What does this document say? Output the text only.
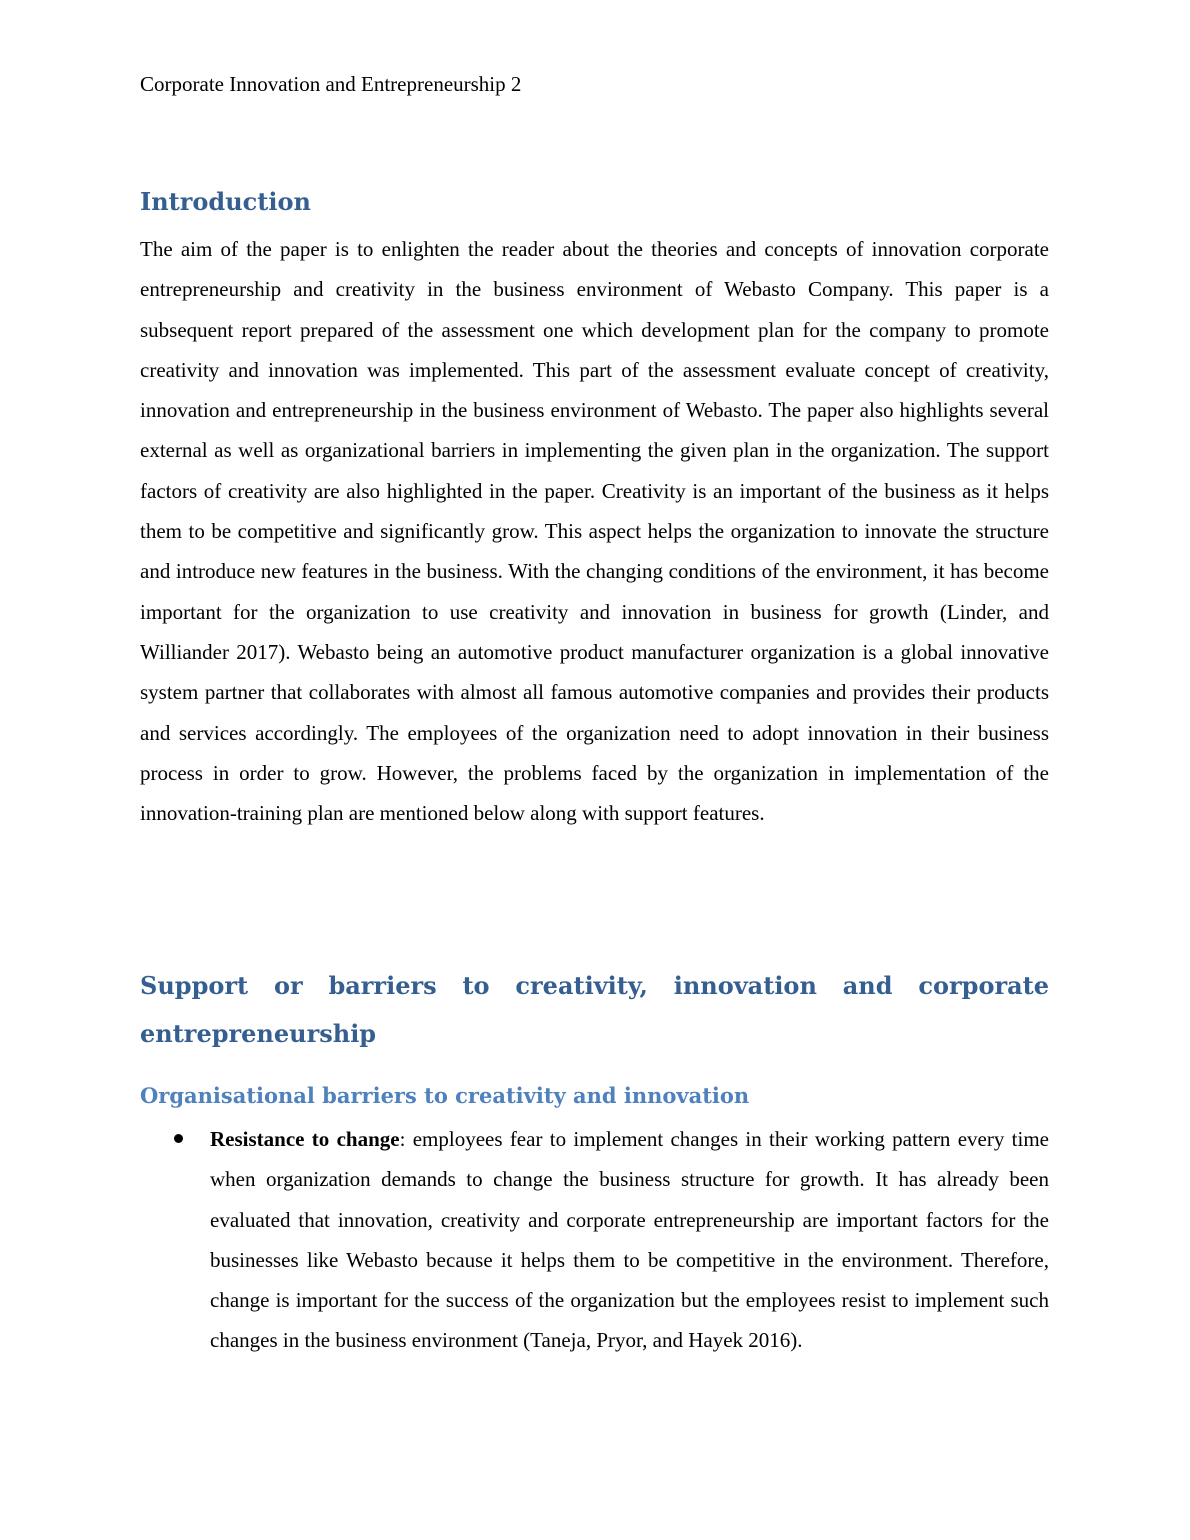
Corporate Innovation and Entrepreneurship 2
Introduction

The aim of the paper is to enlighten the reader about the theories and concepts of innovation corporate entrepreneurship and creativity in the business environment of Webasto Company. This paper is a subsequent report prepared of the assessment one which development plan for the company to promote creativity and innovation was implemented. This part of the assessment evaluate concept of creativity, innovation and entrepreneurship in the business environment of Webasto. The paper also highlights several external as well as organizational barriers in implementing the given plan in the organization. The support factors of creativity are also highlighted in the paper. Creativity is an important of the business as it helps them to be competitive and significantly grow. This aspect helps the organization to innovate the structure and introduce new features in the business. With the changing conditions of the environment, it has become important for the organization to use creativity and innovation in business for growth (Linder, and Williander 2017). Webasto being an automotive product manufacturer organization is a global innovative system partner that collaborates with almost all famous automotive companies and provides their products and services accordingly. The employees of the organization need to adopt innovation in their business process in order to grow. However, the problems faced by the organization in implementation of the innovation-training plan are mentioned below along with support features.

Support or barriers to creativity, innovation and corporate entrepreneurship
Organisational barriers to creativity and innovation

Resistance to change: employees fear to implement changes in their working pattern every time when organization demands to change the business structure for growth. It has already been evaluated that innovation, creativity and corporate entrepreneurship are important factors for the businesses like Webasto because it helps them to be competitive in the environment. Therefore, change is important for the success of the organization but the employees resist to implement such changes in the business environment (Taneja, Pryor, and Hayek 2016).
